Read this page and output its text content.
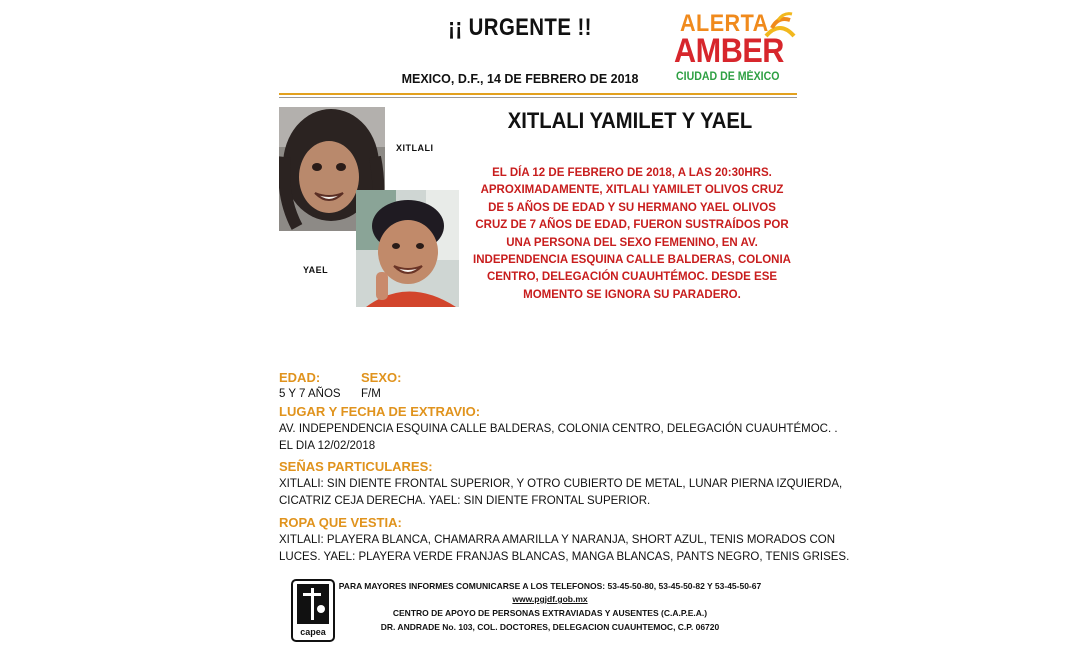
¡¡ URGENTE !!
MEXICO, D.F., 14 DE FEBRERO DE 2018
ALERTA
AMBER
CIUDAD DE MÉXICO
XITLALI YAMILET Y YAEL
XITLALI
YAEL
EL DÍA 12 DE FEBRERO DE 2018, A LAS 20:30HRS. APROXIMADAMENTE, XITLALI YAMILET OLIVOS CRUZ DE 5 AÑOS DE EDAD Y SU HERMANO YAEL OLIVOS CRUZ DE 7 AÑOS DE EDAD, FUERON SUSTRAÍDOS POR UNA PERSONA DEL SEXO FEMENINO, EN AV. INDEPENDENCIA ESQUINA CALLE BALDERAS, COLONIA CENTRO, DELEGACIÓN CUAUHTÉMOC. DESDE ESE MOMENTO SE IGNORA SU PARADERO.
EDAD:
5 Y 7 AÑOS
SEXO:
F/M
LUGAR Y FECHA DE EXTRAVIO:
AV. INDEPENDENCIA ESQUINA CALLE BALDERAS, COLONIA CENTRO, DELEGACIÓN CUAUHTÉMOC. .
EL DIA 12/02/2018
SEÑAS PARTICULARES:
XITLALI: SIN DIENTE FRONTAL SUPERIOR, Y OTRO CUBIERTO DE METAL, LUNAR PIERNA IZQUIERDA,
CICATRIZ CEJA DERECHA. YAEL: SIN DIENTE FRONTAL SUPERIOR.
ROPA QUE VESTIA:
XITLALI: PLAYERA BLANCA, CHAMARRA AMARILLA Y NARANJA, SHORT AZUL, TENIS MORADOS CON
LUCES. YAEL: PLAYERA VERDE FRANJAS BLANCAS, MANGA BLANCAS, PANTS NEGRO, TENIS GRISES.
capea
PARA MAYORES INFORMES COMUNICARSE A LOS TELEFONOS: 53-45-50-80, 53-45-50-82 Y 53-45-50-67
www.pgjdf.gob.mx
CENTRO DE APOYO DE PERSONAS EXTRAVIADAS Y AUSENTES (C.A.P.E.A.)
DR. ANDRADE No. 103, COL. DOCTORES, DELEGACION CUAUHTEMOC, C.P. 06720
